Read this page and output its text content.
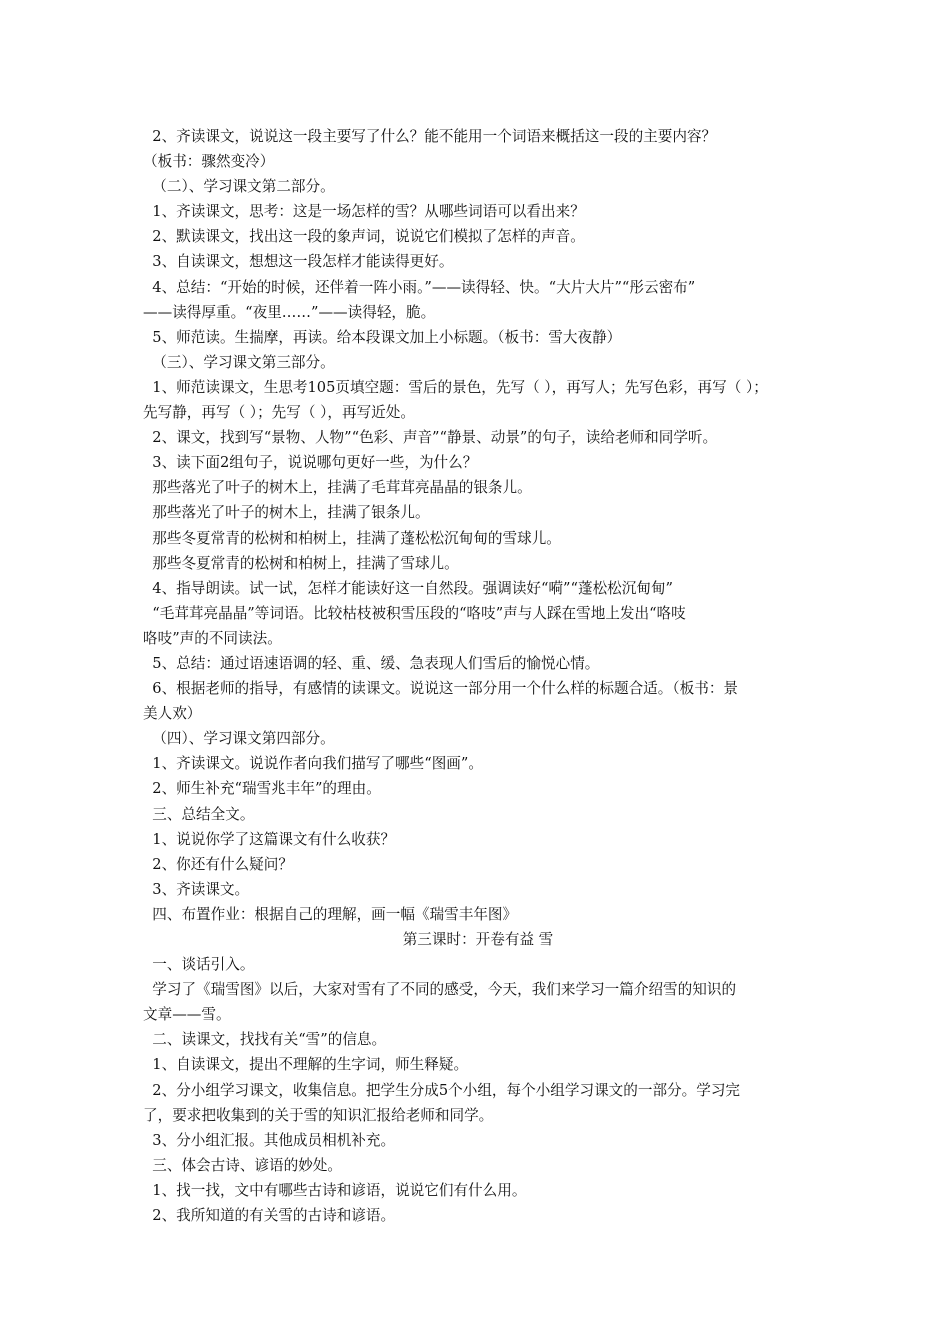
2、齐读课文，说说这一段主要写了什么？能不能用一个词语来概括这一段的主要内容？
（板书：骤然变冷）
（二）、学习课文第二部分。
1、齐读课文，思考：这是一场怎样的雪？从哪些词语可以看出来？
2、默读课文，找出这一段的象声词，说说它们模拟了怎样的声音。
3、自读课文，想想这一段怎样才能读得更好。
4、总结：“开始的时候，还伴着一阵小雨。”——读得轻、快。“大片大片”“彤云密布”
——读得厚重。“夜里……”——读得轻，脆。
5、师范读。生揣摩，再读。给本段课文加上小标题。（板书：雪大夜静）
（三）、学习课文第三部分。
1、师范读课文，生思考105页填空题：雪后的景色，先写（ ），再写人；先写色彩，再写（ ）；
先写静，再写（ ）；先写（ ），再写近处。
2、课文，找到写“景物、人物”“色彩、声音”“静景、动景”的句子，读给老师和同学听。
3、读下面2组句子，说说哪句更好一些，为什么？
那些落光了叶子的树木上，挂满了毛茸茸亮晶晶的银条儿。
那些落光了叶子的树木上，挂满了银条儿。
那些冬夏常青的松树和柏树上，挂满了蓬松松沉甸甸的雪球儿。
那些冬夏常青的松树和柏树上，挂满了雪球儿。
4、指导朗读。试一试，怎样才能读好这一自然段。强调读好“嗬”“蓬松松沉甸甸”
“毛茸茸亮晶晶”等词语。比较枯枝被积雪压段的“咯吱”声与人踩在雪地上发出“咯吱
咯吱”声的不同读法。
5、总结：通过语速语调的轻、重、缓、急表现人们雪后的愉悦心情。
6、根据老师的指导，有感情的读课文。说说这一部分用一个什么样的标题合适。（板书：景
美人欢）
（四）、学习课文第四部分。
1、齐读课文。说说作者向我们描写了哪些“图画”。
2、师生补充“瑞雪兆丰年”的理由。
三、总结全文。
1、说说你学了这篇课文有什么收获？
2、你还有什么疑问？
3、齐读课文。
四、布置作业：根据自己的理解，画一幅《瑞雪丰年图》
第三课时：开卷有益 雪
一、谈话引入。
学习了《瑞雪图》以后，大家对雪有了不同的感受，今天，我们来学习一篇介绍雪的知识的
文章——雪。
二、读课文，找找有关“雪”的信息。
1、自读课文，提出不理解的生字词，师生释疑。
2、分小组学习课文，收集信息。把学生分成5个小组，每个小组学习课文的一部分。学习完
了，要求把收集到的关于雪的知识汇报给老师和同学。
3、分小组汇报。其他成员相机补充。
三、体会古诗、谚语的妙处。
1、找一找，文中有哪些古诗和谚语，说说它们有什么用。
2、我所知道的有关雪的古诗和谚语。
